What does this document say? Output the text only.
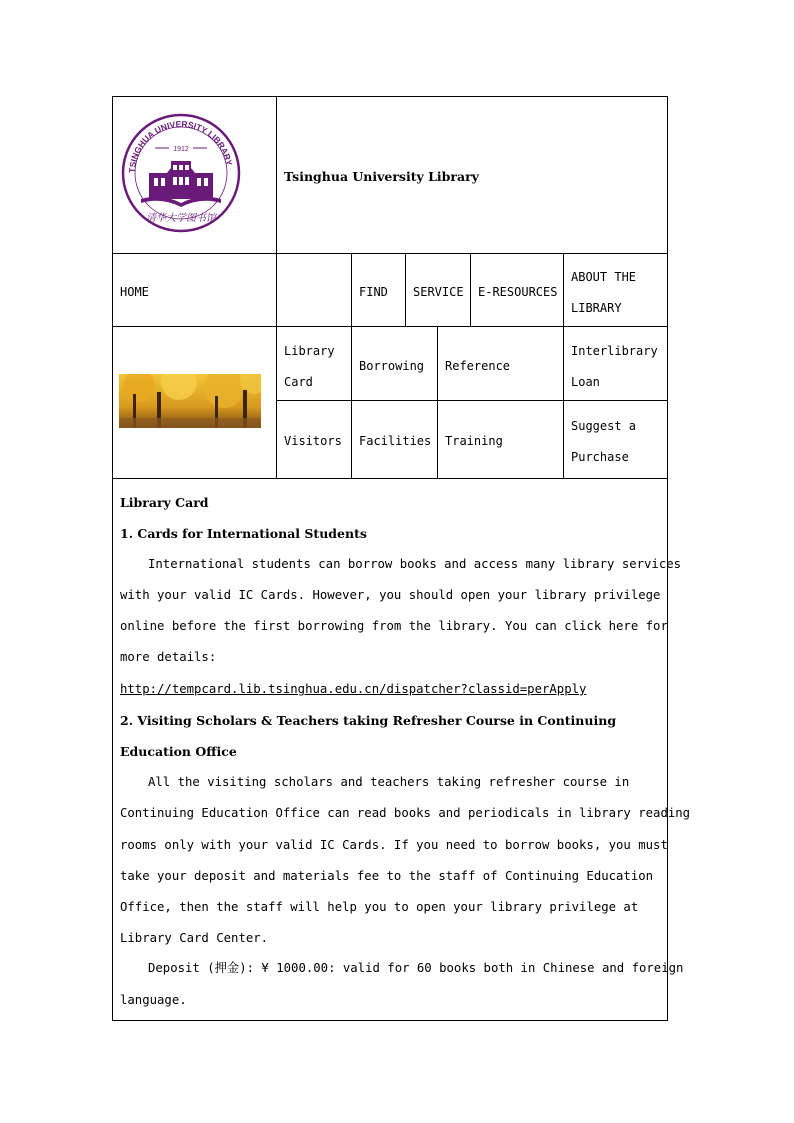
TSINGHUA UNIVERSITY LIBRARY
1912
清华大学图书馆
Tsinghua University Library
HOME	FIND SERVICE E-RESOURCES
ABOUT THE
LIBRARY
Library
Card
Borrowing Reference
Interlibrary
Loan
Visitors Facilities Training
Suggest a
Purchase
Library Card
1. Cards for International Students
International students can borrow books and access many library services
with your valid IC Cards. However, you should open your library privilege
online before the first borrowing from the library. You can click here for
more details:
http://tempcard.lib.tsinghua.edu.cn/dispatcher?classid=perApply
2. Visiting Scholars & Teachers taking Refresher Course in Continuing
Education Office
All the visiting scholars and teachers taking refresher course in
Continuing Education Office can read books and periodicals in library reading
rooms only with your valid IC Cards. If you need to borrow books, you must
take your deposit and materials fee to the staff of Continuing Education
Office, then the staff will help you to open your library privilege at
Library Card Center.
Deposit (押金): ¥ 1000.00: valid for 60 books both in Chinese and foreign
language.
